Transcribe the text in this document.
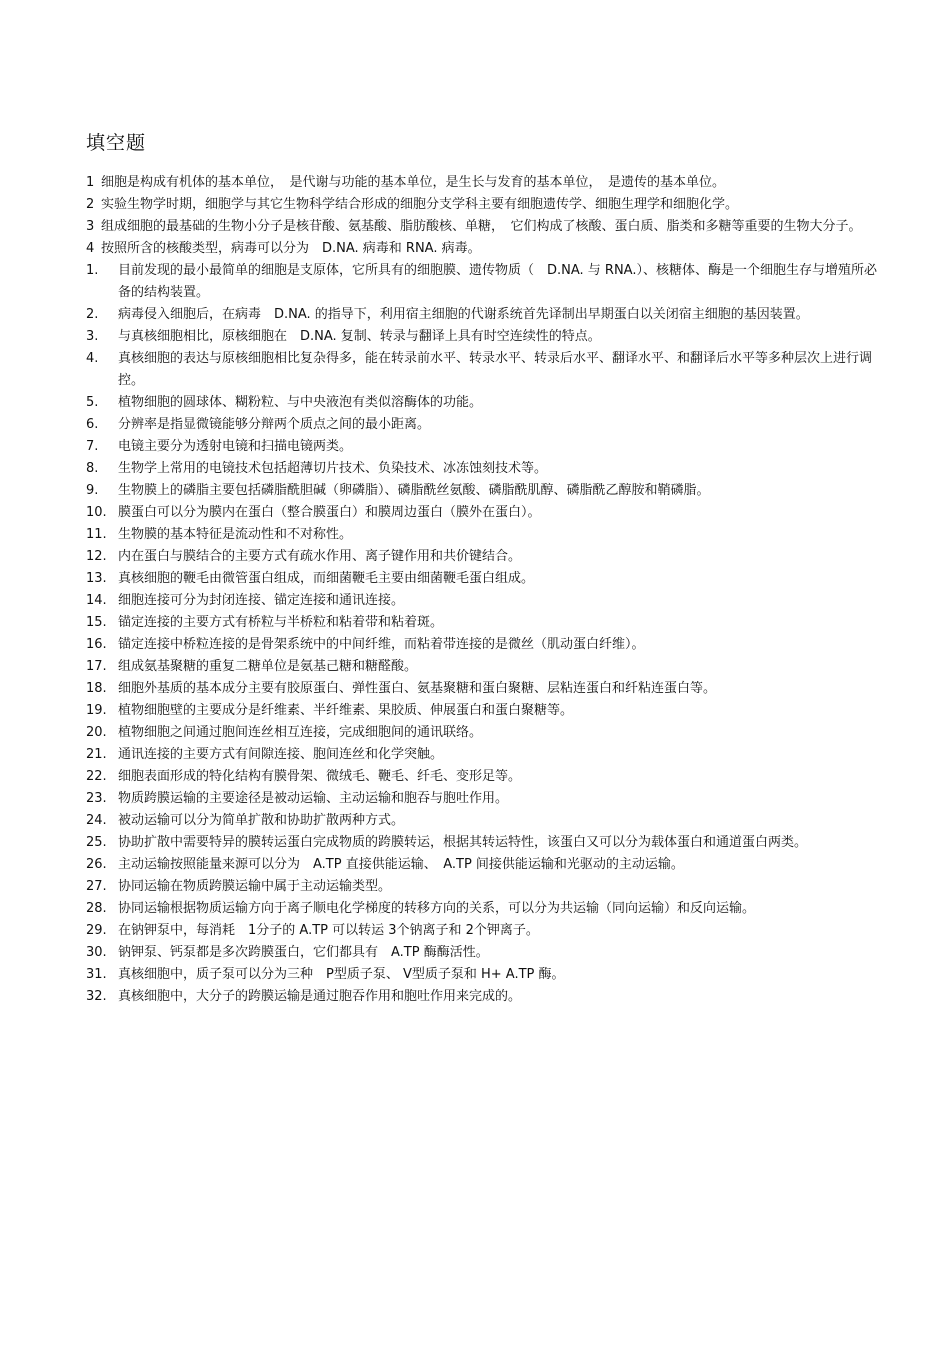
填空题
1 细胞是构成有机体的基本单位，　是代谢与功能的基本单位，是生长与发育的基本单位，　是遗传的基本单位。
2 实验生物学时期，细胞学与其它生物科学结合形成的细胞分支学科主要有细胞遗传学、细胞生理学和细胞化学。
3 组成细胞的最基础的生物小分子是核苷酸、氨基酸、脂肪酸核、单糖，　它们构成了核酸、蛋白质、脂类和多糖等重要的生物大分子。
4 按照所含的核酸类型，病毒可以分为　D.NA. 病毒和 RNA. 病毒。
1.	目前发现的最小最简单的细胞是支原体，它所具有的细胞膜、遗传物质（　D.NA. 与 RNA.）、核糖体、酶是一个细胞生存与增殖所必备的结构装置。
2.	病毒侵入细胞后，在病毒　D.NA. 的指导下，利用宿主细胞的代谢系统首先译制出早期蛋白以关闭宿主细胞的基因装置。
3.	与真核细胞相比，原核细胞在　D.NA. 复制、转录与翻译上具有时空连续性的特点。
4.	真核细胞的表达与原核细胞相比复杂得多，能在转录前水平、转录水平、转录后水平、翻译水平、和翻译后水平等多种层次上进行调控。
5.	植物细胞的圆球体、糊粉粒、与中央液泡有类似溶酶体的功能。
6.	分辨率是指显微镜能够分辩两个质点之间的最小距离。
7.	电镜主要分为透射电镜和扫描电镜两类。
8.	生物学上常用的电镜技术包括超薄切片技术、负染技术、冰冻蚀刻技术等。
9.	生物膜上的磷脂主要包括磷脂酰胆碱（卵磷脂）、磷脂酰丝氨酸、磷脂酰肌醇、磷脂酰乙醇胺和鞘磷脂。
10. 膜蛋白可以分为膜内在蛋白（整合膜蛋白）和膜周边蛋白（膜外在蛋白）。
11. 生物膜的基本特征是流动性和不对称性。
12. 内在蛋白与膜结合的主要方式有疏水作用、离子键作用和共价键结合。
13. 真核细胞的鞭毛由微管蛋白组成，而细菌鞭毛主要由细菌鞭毛蛋白组成。
14. 细胞连接可分为封闭连接、锚定连接和通讯连接。
15. 锚定连接的主要方式有桥粒与半桥粒和粘着带和粘着斑。
16. 锚定连接中桥粒连接的是骨架系统中的中间纤维，而粘着带连接的是微丝（肌动蛋白纤维）。
17. 组成氨基聚糖的重复二糖单位是氨基己糖和糖醛酸。
18. 细胞外基质的基本成分主要有胶原蛋白、弹性蛋白、氨基聚糖和蛋白聚糖、层粘连蛋白和纤粘连蛋白等。
19. 植物细胞壁的主要成分是纤维素、半纤维素、果胶质、伸展蛋白和蛋白聚糖等。
20. 植物细胞之间通过胞间连丝相互连接，完成细胞间的通讯联络。
21. 通讯连接的主要方式有间隙连接、胞间连丝和化学突触。
22. 细胞表面形成的特化结构有膜骨架、微绒毛、鞭毛、纤毛、变形足等。
23. 物质跨膜运输的主要途径是被动运输、主动运输和胞吞与胞吐作用。
24. 被动运输可以分为简单扩散和协助扩散两种方式。
25. 协助扩散中需要特异的膜转运蛋白完成物质的跨膜转运，根据其转运特性，该蛋白又可以分为载体蛋白和通道蛋白两类。
26. 主动运输按照能量来源可以分为　A.TP 直接供能运输、　A.TP 间接供能运输和光驱动的主动运输。
27. 协同运输在物质跨膜运输中属于主动运输类型。
28. 协同运输根据物质运输方向于离子顺电化学梯度的转移方向的关系，可以分为共运输（同向运输）和反向运输。
29. 在钠钾泵中，每消耗　1分子的 A.TP 可以转运 3个钠离子和 2个钾离子。
30. 钠钾泵、钙泵都是多次跨膜蛋白，它们都具有　A.TP 酶酶活性。
31. 真核细胞中，质子泵可以分为三种　P型质子泵、 V型质子泵和 H+ A.TP 酶。
32. 真核细胞中，大分子的跨膜运输是通过胞吞作用和胞吐作用来完成的。
